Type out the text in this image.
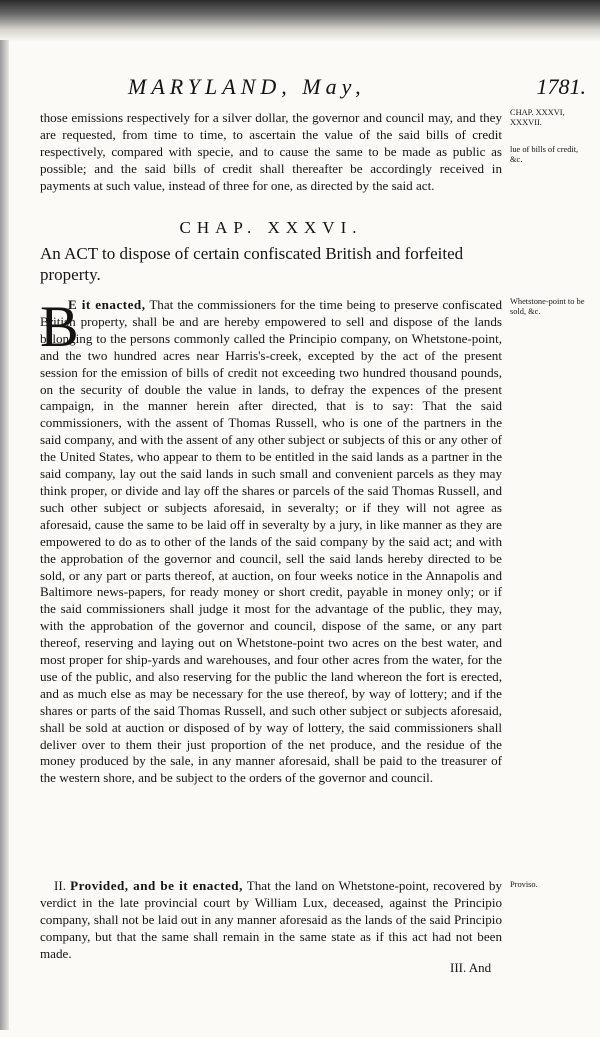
MARYLAND, May,	1781.
those emissions respectively for a silver dollar, the governor and council may, and they are requested, from time to time, to ascertain the value of the said bills of credit respectively, compared with specie, and to cause the same to be made as public as possible; and the said bills of credit shall thereafter be accordingly received in payments at such value, instead of three for one, as directed by the said act.
CHAP. XXXVI, XXXVII.
lue of bills of credit, &c.
CHAP. XXXVI.
An ACT to dispose of certain confiscated British and forfeited property.
B
E it enacted, That the commissioners for the time being to preserve confiscated British property, shall be and are hereby empowered to sell and dispose of the lands belonging to the persons commonly called the Principio company, on Whetstone-point, and the two hundred acres near Harris's-creek, excepted by the act of the present session for the emission of bills of credit not exceeding two hundred thousand pounds, on the security of double the value in lands, to defray the expences of the present campaign, in the manner herein after directed, that is to say: That the said commissioners, with the assent of Thomas Russell, who is one of the partners in the said company, and with the assent of any other subject or subjects of this or any other of the United States, who appear to them to be entitled in the said lands as a partner in the said company, lay out the said lands in such small and convenient parcels as they may think proper, or divide and lay off the shares or parcels of the said Thomas Russell, and such other subject or subjects aforesaid, in severalty; or if they will not agree as aforesaid, cause the same to be laid off in severalty by a jury, in like manner as they are empowered to do as to other of the lands of the said company by the said act; and with the approbation of the governor and council, sell the said lands hereby directed to be sold, or any part or parts thereof, at auction, on four weeks notice in the Annapolis and Baltimore news-papers, for ready money or short credit, payable in money only; or if the said commissioners shall judge it most for the advantage of the public, they may, with the approbation of the governor and council, dispose of the same, or any part thereof, reserving and laying out on Whetstone-point two acres on the best water, and most proper for ship-yards and warehouses, and four other acres from the water, for the use of the public, and also reserving for the public the land whereon the fort is erected, and as much else as may be necessary for the use thereof, by way of lottery; and if the shares or parts of the said Thomas Russell, and such other subject or subjects aforesaid, shall be sold at auction or disposed of by way of lottery, the said commissioners shall deliver over to them their just proportion of the net produce, and the residue of the money produced by the sale, in any manner aforesaid, shall be paid to the treasurer of the western shore, and be subject to the orders of the governor and council.
Whetstone-point to be sold, &c.
II. Provided, and be it enacted, That the land on Whetstone-point, recovered by verdict in the late provincial court by William Lux, deceased, against the Principio company, shall not be laid out in any manner aforesaid as the lands of the said Principio company, but that the same shall remain in the same state as if this act had not been made.
Proviso.
III. And
